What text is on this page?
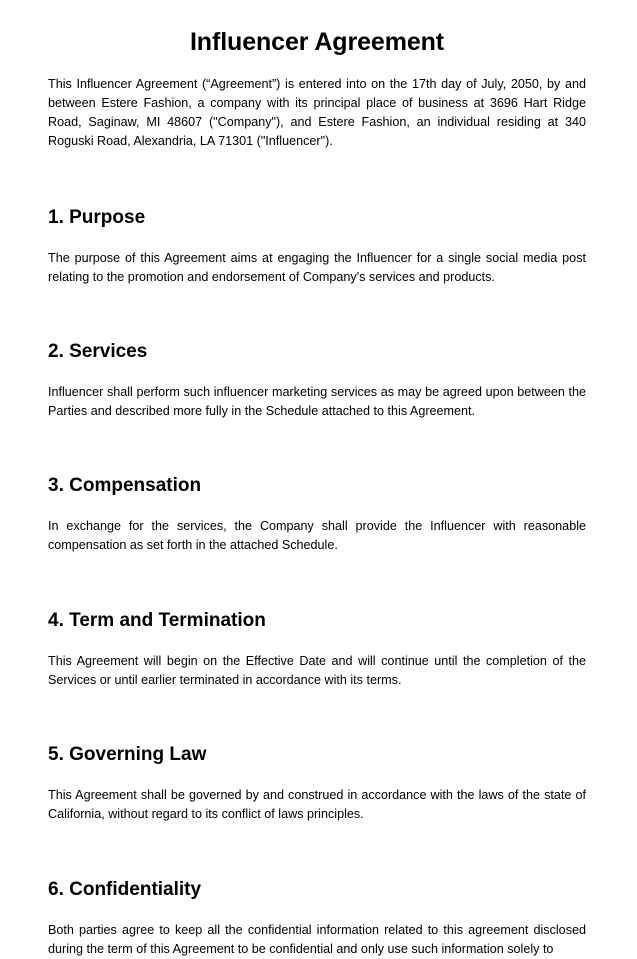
Influencer Agreement

This Influencer Agreement (“Agreement”) is entered into on the 17th day of July, 2050, by and between Estere Fashion, a company with its principal place of business at 3696 Hart Ridge Road, Saginaw, MI 48607 ("Company"), and Estere Fashion, an individual residing at 340 Roguski Road, Alexandria, LA 71301 ("Influencer").

1. Purpose

The purpose of this Agreement aims at engaging the Influencer for a single social media post relating to the promotion and endorsement of Company's services and products.

2. Services

Influencer shall perform such influencer marketing services as may be agreed upon between the Parties and described more fully in the Schedule attached to this Agreement.

3. Compensation

In exchange for the services, the Company shall provide the Influencer with reasonable compensation as set forth in the attached Schedule.

4. Term and Termination

This Agreement will begin on the Effective Date and will continue until the completion of the Services or until earlier terminated in accordance with its terms.

5. Governing Law

This Agreement shall be governed by and construed in accordance with the laws of the state of California, without regard to its conflict of laws principles.

6. Confidentiality

Both parties agree to keep all the confidential information related to this agreement disclosed during the term of this Agreement to be confidential and only use such information solely to
